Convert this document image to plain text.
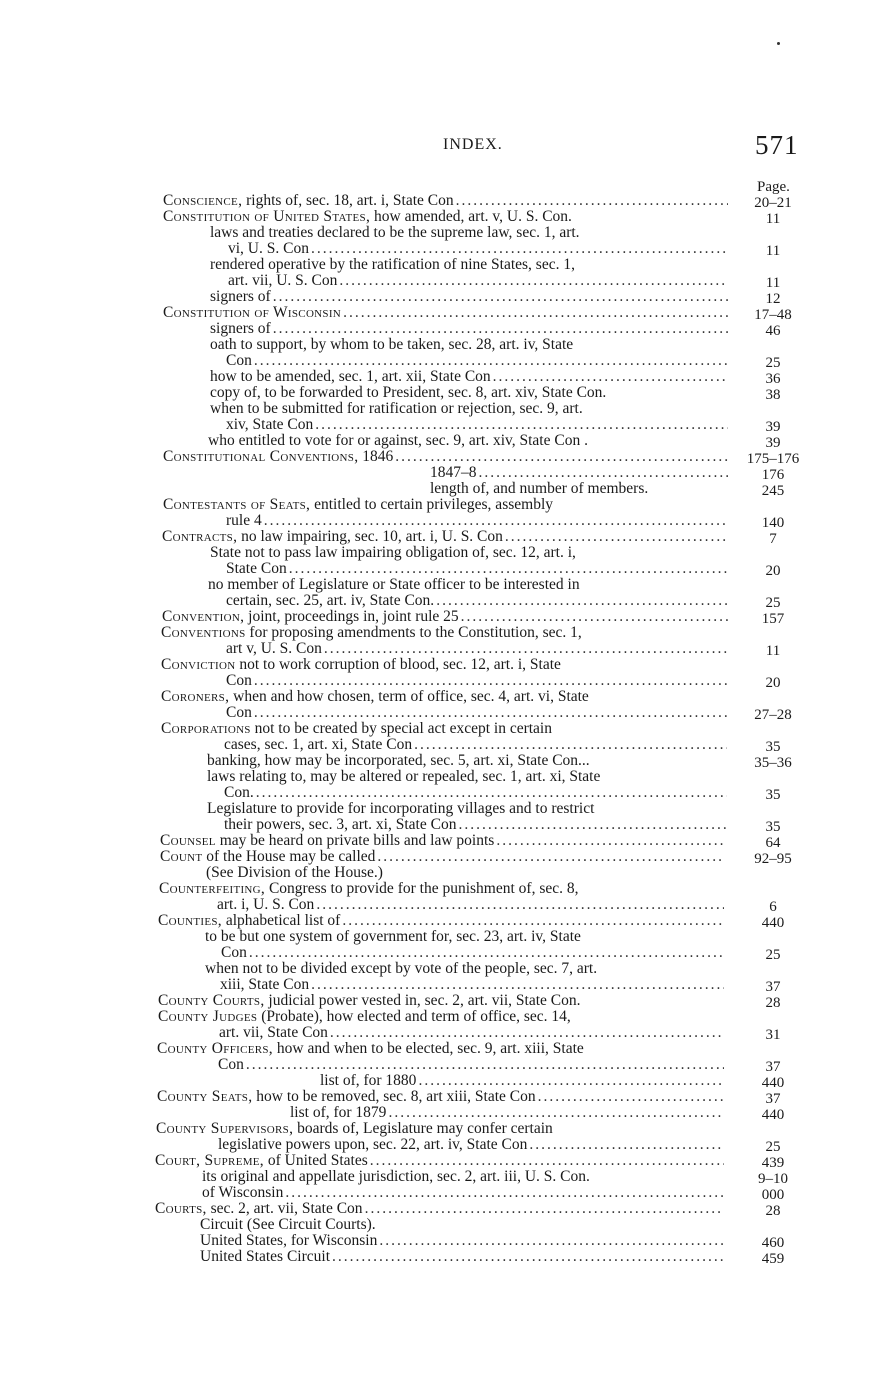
INDEX.	571
Page.
Conscience, rights of, sec. 18, art. i, State Con .....	20–21
Constitution of United States, how amended, art. v, U. S. Con.	11
laws and treaties declared to be the supreme law, sec. 1, art.
vi, U. S. Con .....	11
rendered operative by the ratification of nine States, sec. 1,
art. vii, U. S. Con .....	11
signers of .....	12
Constitution of Wisconsin .....	17–48
signers of .....	46
oath to support, by whom to be taken, sec. 28, art. iv, State
Con .....	25
how to be amended, sec. 1, art. xii, State Con .....	36
copy of, to be forwarded to President, sec. 8, art. xiv, State Con.	38
when to be submitted for ratification or rejection, sec. 9, art.
xiv, State Con .....	39
who entitled to vote for or against, sec. 9, art. xiv, State Con .	39
Constitutional Conventions, 1846 .....	175–176
1847–8 .....	176
length of, and number of members.	245
Contestants of Seats, entitled to certain privileges, assembly
rule 4 .....	140
Contracts, no law impairing, sec. 10, art. i, U. S. Con .....	7
State not to pass law impairing obligation of, sec. 12, art. i,
State Con .....	20
no member of Legislature or State officer to be interested in
certain, sec. 25, art. iv, State Con. .....	25
Convention, joint, proceedings in, joint rule 25 .....	157
Conventions for proposing amendments to the Constitution, sec. 1,
art v, U. S. Con .....	11
Conviction not to work corruption of blood, sec. 12, art. i, State
Con .....	20
Coroners, when and how chosen, term of office, sec. 4, art. vi, State
Con .....	27–28
Corporations not to be created by special act except in certain
cases, sec. 1, art. xi, State Con .....	35
banking, how may be incorporated, sec. 5, art. xi, State Con...	35–36
laws relating to, may be altered or repealed, sec. 1, art. xi, State
Con. .....	35
Legislature to provide for incorporating villages and to restrict
their powers, sec. 3, art. xi, State Con .....	35
Counsel may be heard on private bills and law points .....	64
Count of the House may be called .....	92–95
(See Division of the House.)
Counterfeiting, Congress to provide for the punishment of, sec. 8,
art. i, U. S. Con .....	6
Counties, alphabetical list of .....	440
to be but one system of government for, sec. 23, art. iv, State
Con .....	25
when not to be divided except by vote of the people, sec. 7, art.
xiii, State Con .....	37
County Courts, judicial power vested in, sec. 2, art. vii, State Con.	28
County Judges (Probate), how elected and term of office, sec. 14,
art. vii, State Con .....	31
County Officers, how and when to be elected, sec. 9, art. xiii, State
Con .....	37
list of, for 1880 .....	440
County Seats, how to be removed, sec. 8, art xiii, State Con .....	37
list of, for 1879 .....	440
County Supervisors, boards of, Legislature may confer certain
legislative powers upon, sec. 22, art. iv, State Con .....	25
Court, Supreme, of United States .....	439
its original and appellate jurisdiction, sec. 2, art. iii, U. S. Con.	9–10
of Wisconsin .....	000
Courts, sec. 2, art. vii, State Con .....	28
Circuit (See Circuit Courts).
United States, for Wisconsin .....	460
United States Circuit .....	459
